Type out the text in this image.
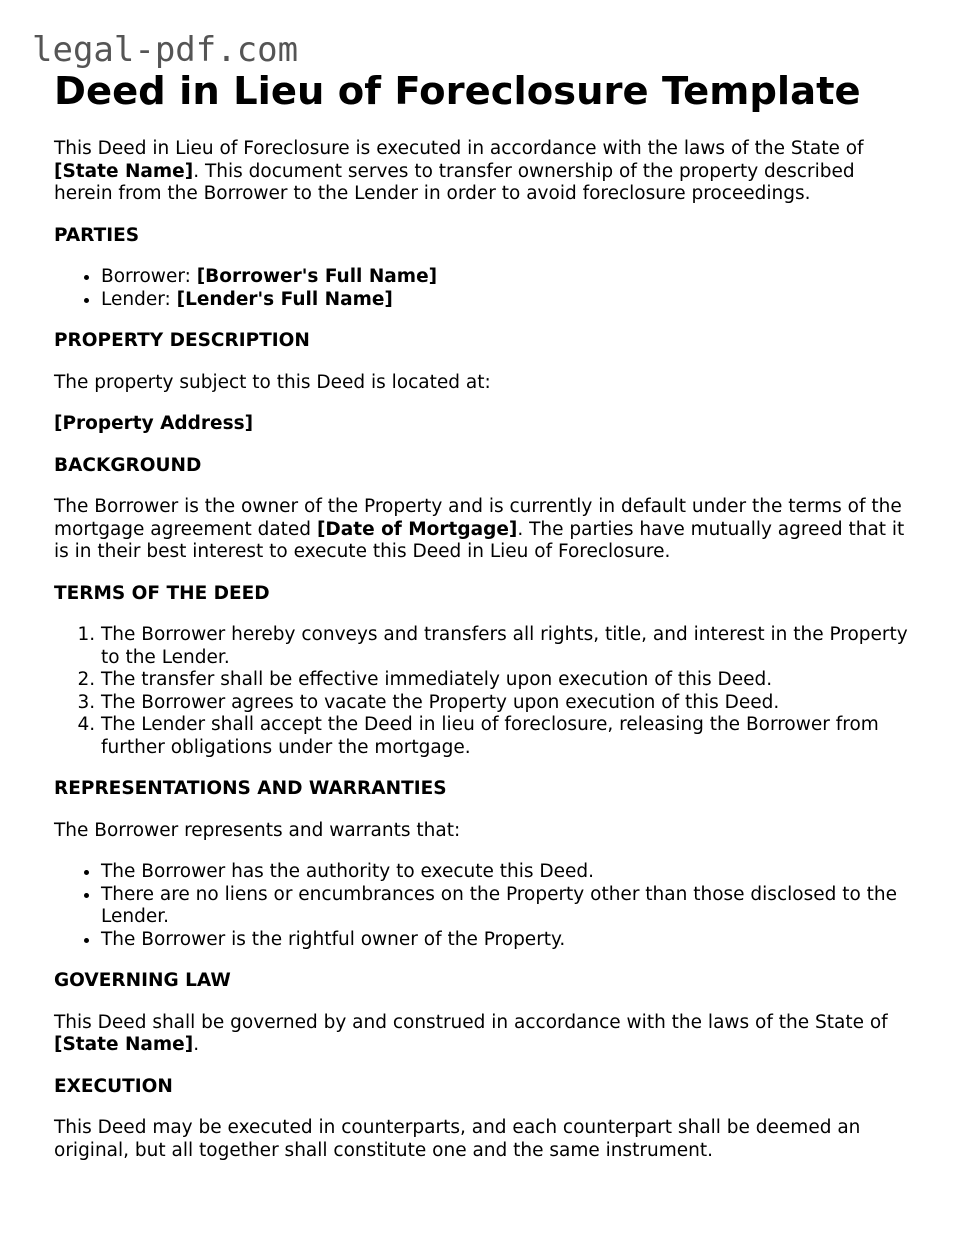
legal-pdf.com
Deed in Lieu of Foreclosure Template

This Deed in Lieu of Foreclosure is executed in accordance with the laws of the State of [State Name]. This document serves to transfer ownership of the property described herein from the Borrower to the Lender in order to avoid foreclosure proceedings.

PARTIES
• Borrower: [Borrower's Full Name]
• Lender: [Lender's Full Name]
PROPERTY DESCRIPTION

The property subject to this Deed is located at:

[Property Address]

BACKGROUND

The Borrower is the owner of the Property and is currently in default under the terms of the mortgage agreement dated [Date of Mortgage]. The parties have mutually agreed that it is in their best interest to execute this Deed in Lieu of Foreclosure.

TERMS OF THE DEED
1. The Borrower hereby conveys and transfers all rights, title, and interest in the Property to the Lender.
2. The transfer shall be effective immediately upon execution of this Deed.
3. The Borrower agrees to vacate the Property upon execution of this Deed.
4. The Lender shall accept the Deed in lieu of foreclosure, releasing the Borrower from further obligations under the mortgage.
REPRESENTATIONS AND WARRANTIES

The Borrower represents and warrants that:

• The Borrower has the authority to execute this Deed.
• There are no liens or encumbrances on the Property other than those disclosed to the Lender.
• The Borrower is the rightful owner of the Property.
GOVERNING LAW

This Deed shall be governed by and construed in accordance with the laws of the State of [State Name].

EXECUTION

This Deed may be executed in counterparts, and each counterpart shall be deemed an original, but all together shall constitute one and the same instrument.
